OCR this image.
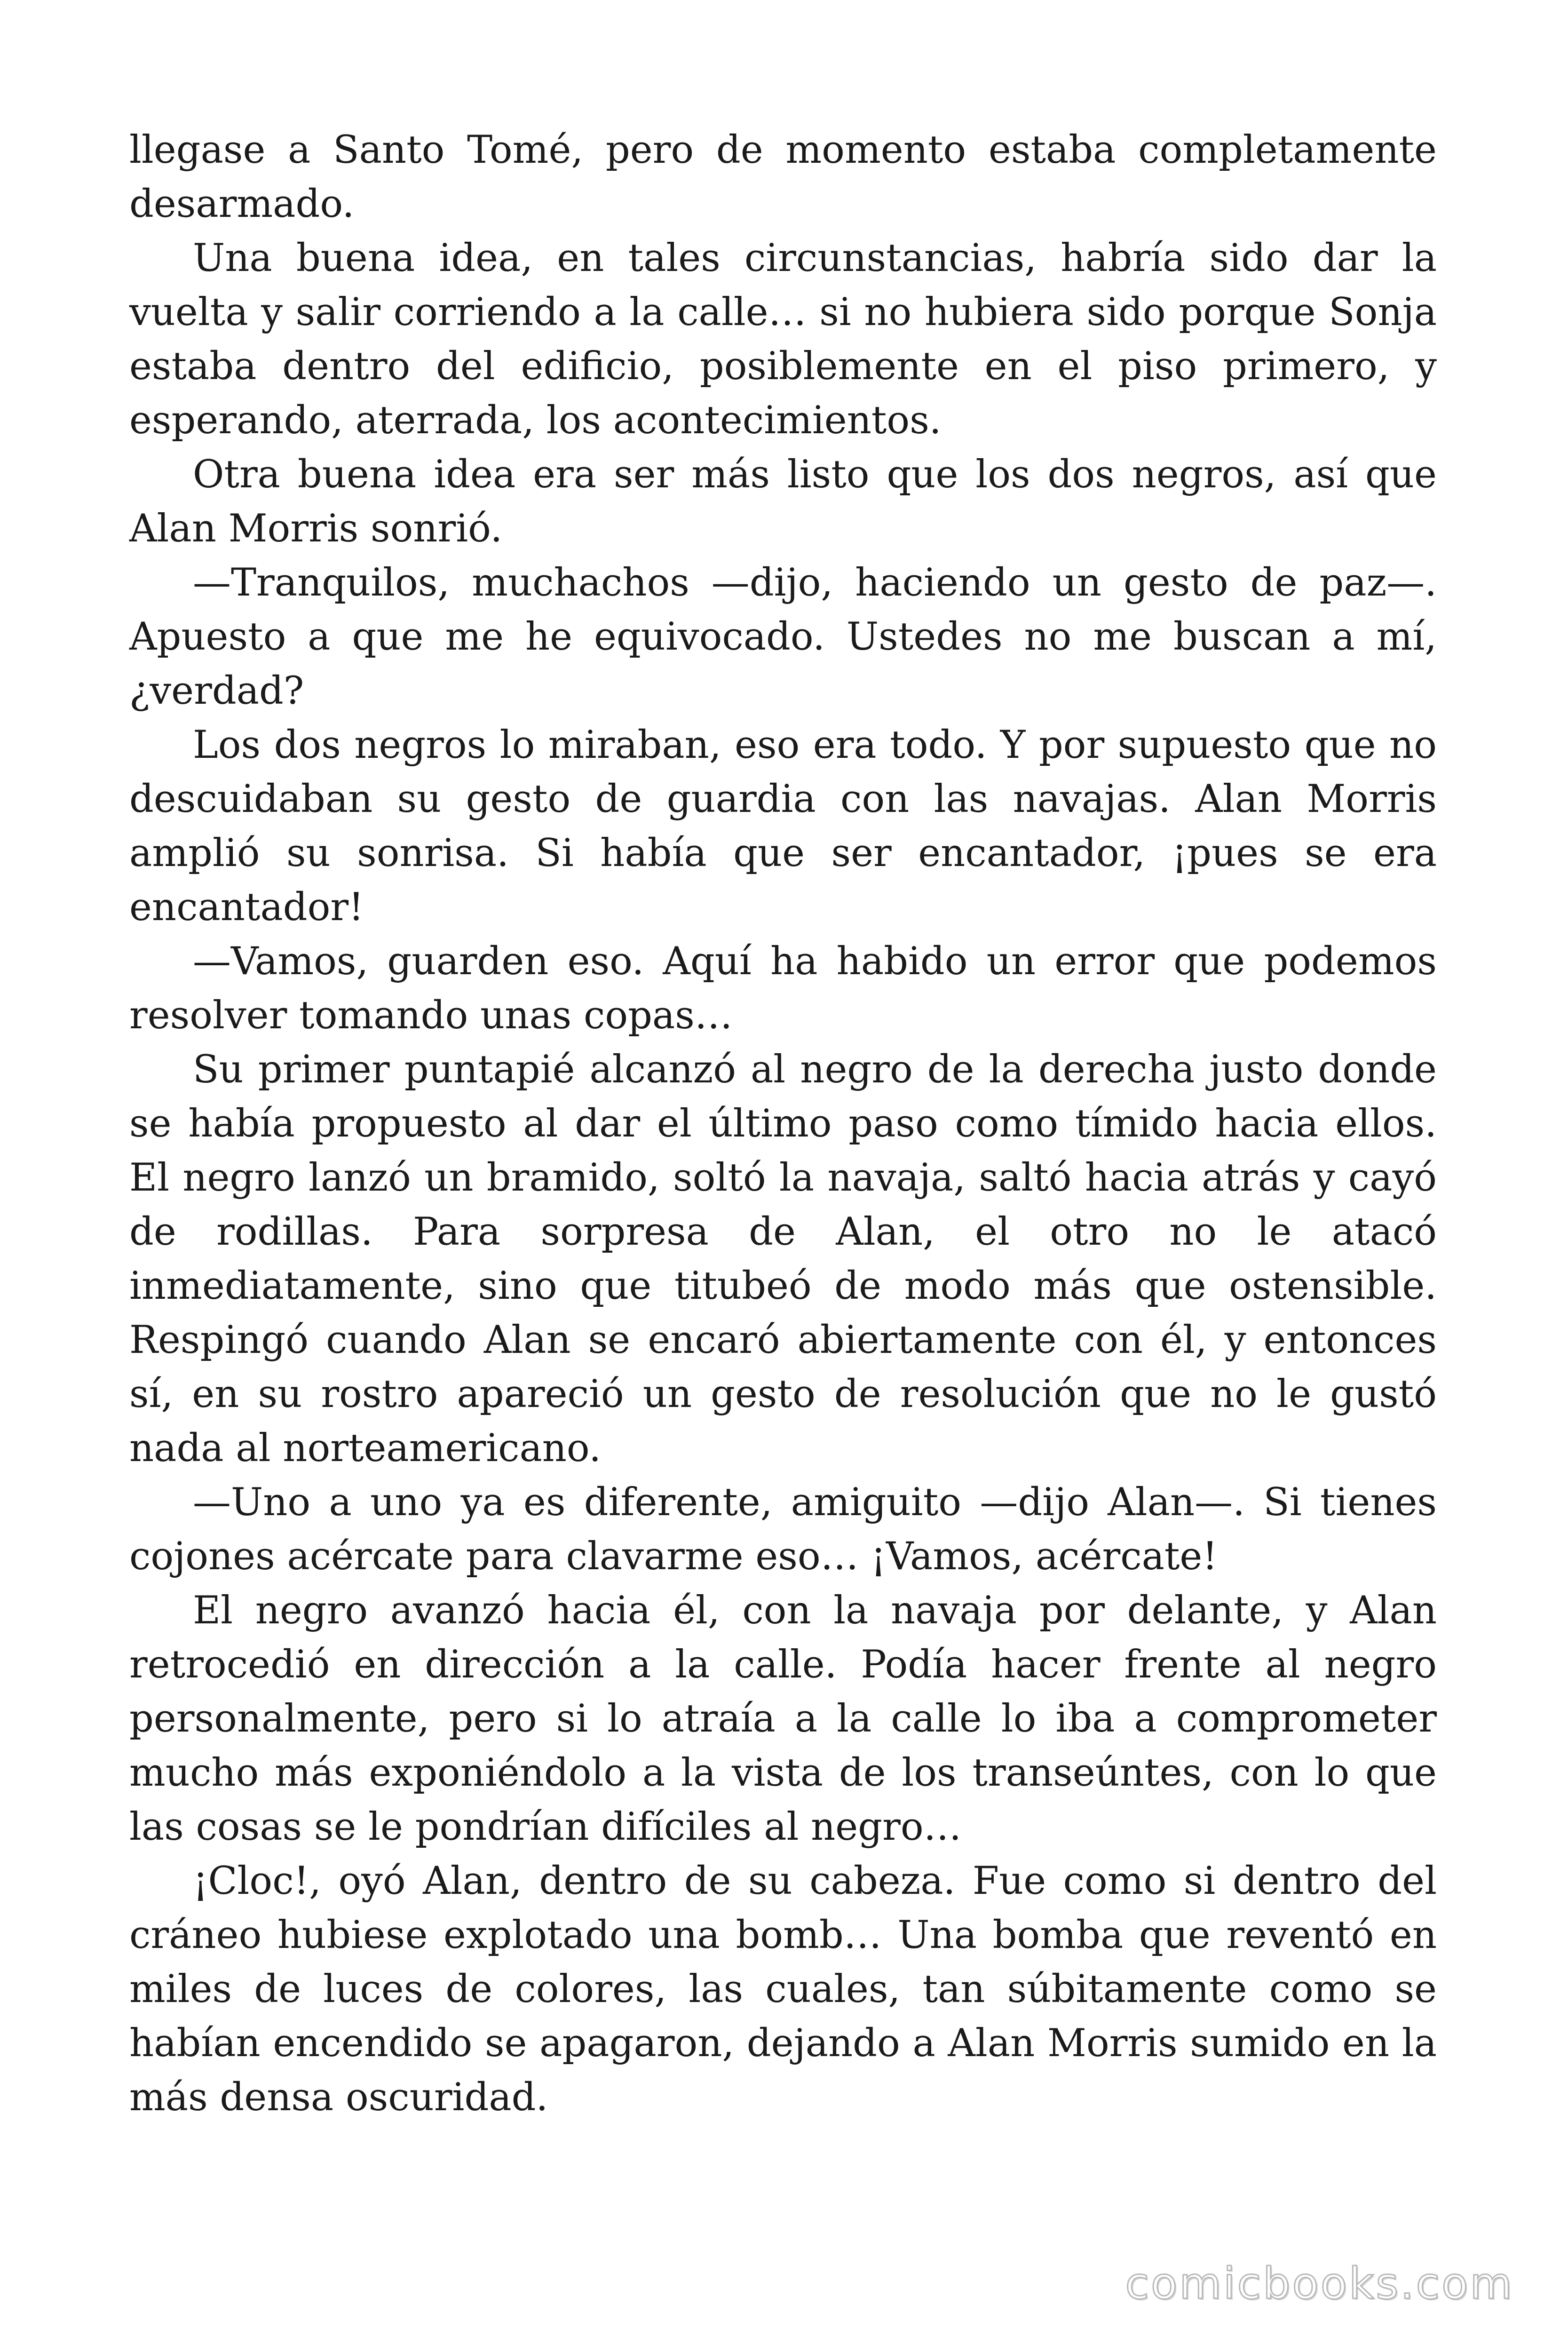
llegase a Santo Tomé, pero de momento estaba completamente desarmado.

Una buena idea, en tales circunstancias, habría sido dar la vuelta y salir corriendo a la calle… si no hubiera sido porque Sonja estaba dentro del edificio, posiblemente en el piso primero, y esperando, aterrada, los acontecimientos.

Otra buena idea era ser más listo que los dos negros, así que Alan Morris sonrió.

—Tranquilos, muchachos —dijo, haciendo un gesto de paz—. Apuesto a que me he equivocado. Ustedes no me buscan a mí, ¿verdad?

Los dos negros lo miraban, eso era todo. Y por supuesto que no descuidaban su gesto de guardia con las navajas. Alan Morris amplió su sonrisa. Si había que ser encantador, ¡pues se era encantador!

—Vamos, guarden eso. Aquí ha habido un error que podemos resolver tomando unas copas…

Su primer puntapié alcanzó al negro de la derecha justo donde se había propuesto al dar el último paso como tímido hacia ellos. El negro lanzó un bramido, soltó la navaja, saltó hacia atrás y cayó de rodillas. Para sorpresa de Alan, el otro no le atacó inmediatamente, sino que titubeó de modo más que ostensible. Respingó cuando Alan se encaró abiertamente con él, y entonces sí, en su rostro apareció un gesto de resolución que no le gustó nada al norteamericano.

—Uno a uno ya es diferente, amiguito —dijo Alan—. Si tienes cojones acércate para clavarme eso… ¡Vamos, acércate!

El negro avanzó hacia él, con la navaja por delante, y Alan retrocedió en dirección a la calle. Podía hacer frente al negro personalmente, pero si lo atraía a la calle lo iba a comprometer mucho más exponiéndolo a la vista de los transeúntes, con lo que las cosas se le pondrían difíciles al negro…

¡Cloc!, oyó Alan, dentro de su cabeza. Fue como si dentro del cráneo hubiese explotado una bomb… Una bomba que reventó en miles de luces de colores, las cuales, tan súbitamente como se habían encendido se apagaron, dejando a Alan Morris sumido en la más densa oscuridad.

comicbooks.com
